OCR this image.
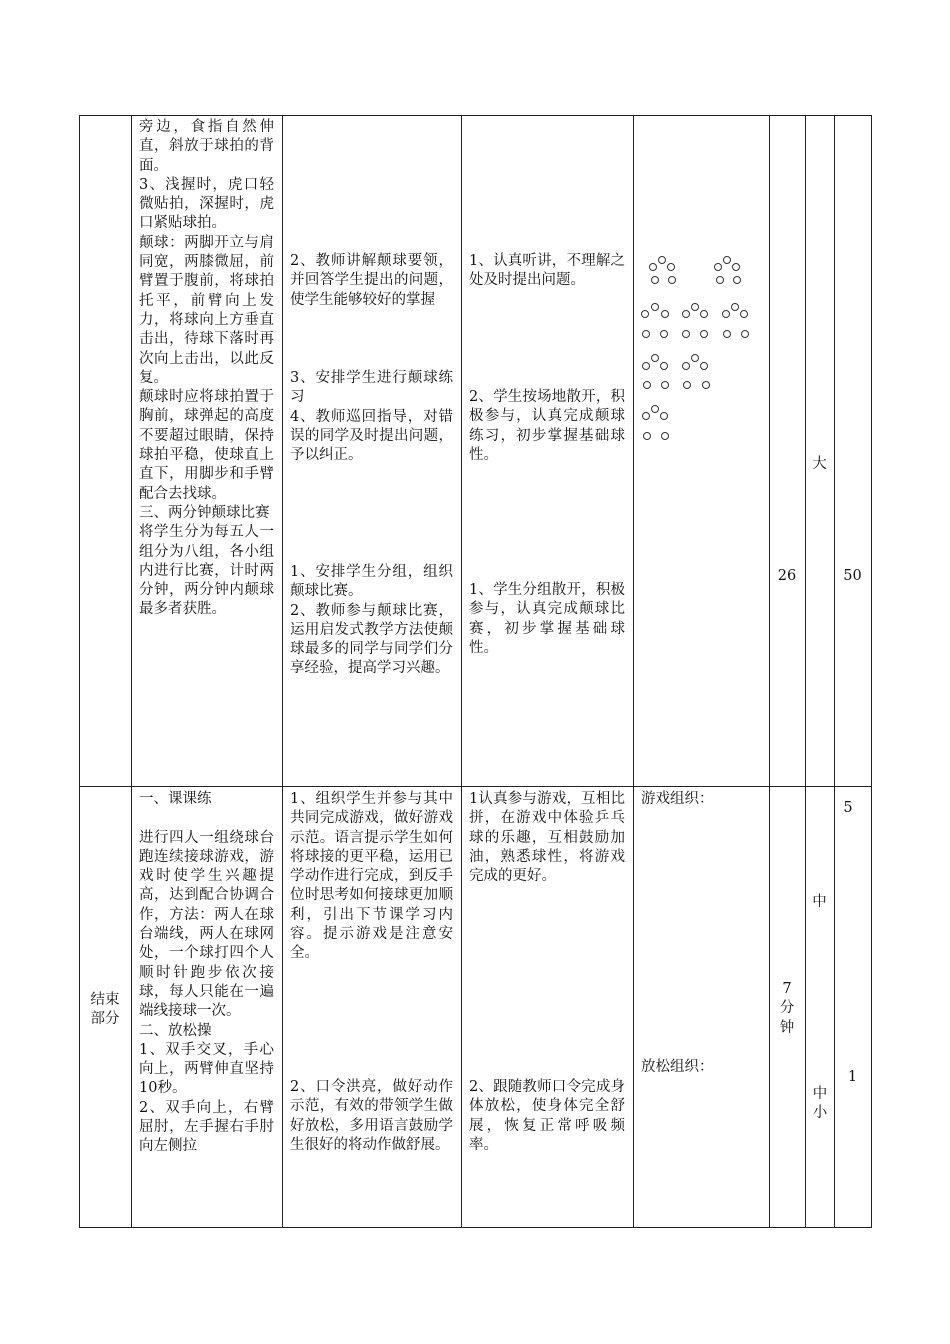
旁边，食指自然伸直，斜放于球拍的背面。

3、浅握时，虎口轻微贴拍，深握时，虎口紧贴球拍。

颠球：两脚开立与肩同宽，两膝微屈，前臂置于腹前，将球拍托平，前臂向上发力，将球向上方垂直击出，待球下落时再次向上击出，以此反复。

颠球时应将球拍置于胸前，球弹起的高度不要超过眼睛，保持球拍平稳，使球直上直下，用脚步和手臂配合去找球。

三、两分钟颠球比赛

将学生分为每五人一组分为八组，各小组内进行比赛，计时两分钟，两分钟内颠球最多者获胜。

2、教师讲解颠球要领，并回答学生提出的问题，使学生能够较好的掌握

3、安排学生进行颠球练习

4、教师巡回指导，对错误的同学及时提出问题，予以纠正。

1、安排学生分组，组织颠球比赛。

2、教师参与颠球比赛，运用启发式教学方法使颠球最多的同学与同学们分享经验，提高学习兴趣。

1、认真听讲，不理解之处及时提出问题。

2、学生按场地散开，积极参与，认真完成颠球练习，初步掌握基础球性。

1、学生分组散开，积极参与，认真完成颠球比赛，初步掌握基础球性。

26
大
50
结束部分

一、课课练

进行四人一组绕球台跑连续接球游戏，游戏时使学生兴趣提高，达到配合协调合作，方法：两人在球台端线，两人在球网处，一个球打四个人顺时针跑步依次接球，每人只能在一遍端线接球一次。

二、放松操

1、双手交叉，手心向上，两臂伸直坚持10秒。

2、双手向上，右臂屈肘，左手握右手肘向左侧拉

1、组织学生并参与其中共同完成游戏，做好游戏示范。语言提示学生如何将球接的更平稳，运用已学动作进行完成，到反手位时思考如何接球更加顺利，引出下节课学习内容。提示游戏是注意安全。

2、口令洪亮，做好动作示范，有效的带领学生做好放松，多用语言鼓励学生很好的将动作做舒展。

1认真参与游戏，互相比拼，在游戏中体验乒乓球的乐趣，互相鼓励加油，熟悉球性，将游戏完成的更好。

2、跟随教师口令完成身体放松，使身体完全舒展，恢复正常呼吸频率。

游戏组织：
放松组织：
7分钟
中
中小
5
1
